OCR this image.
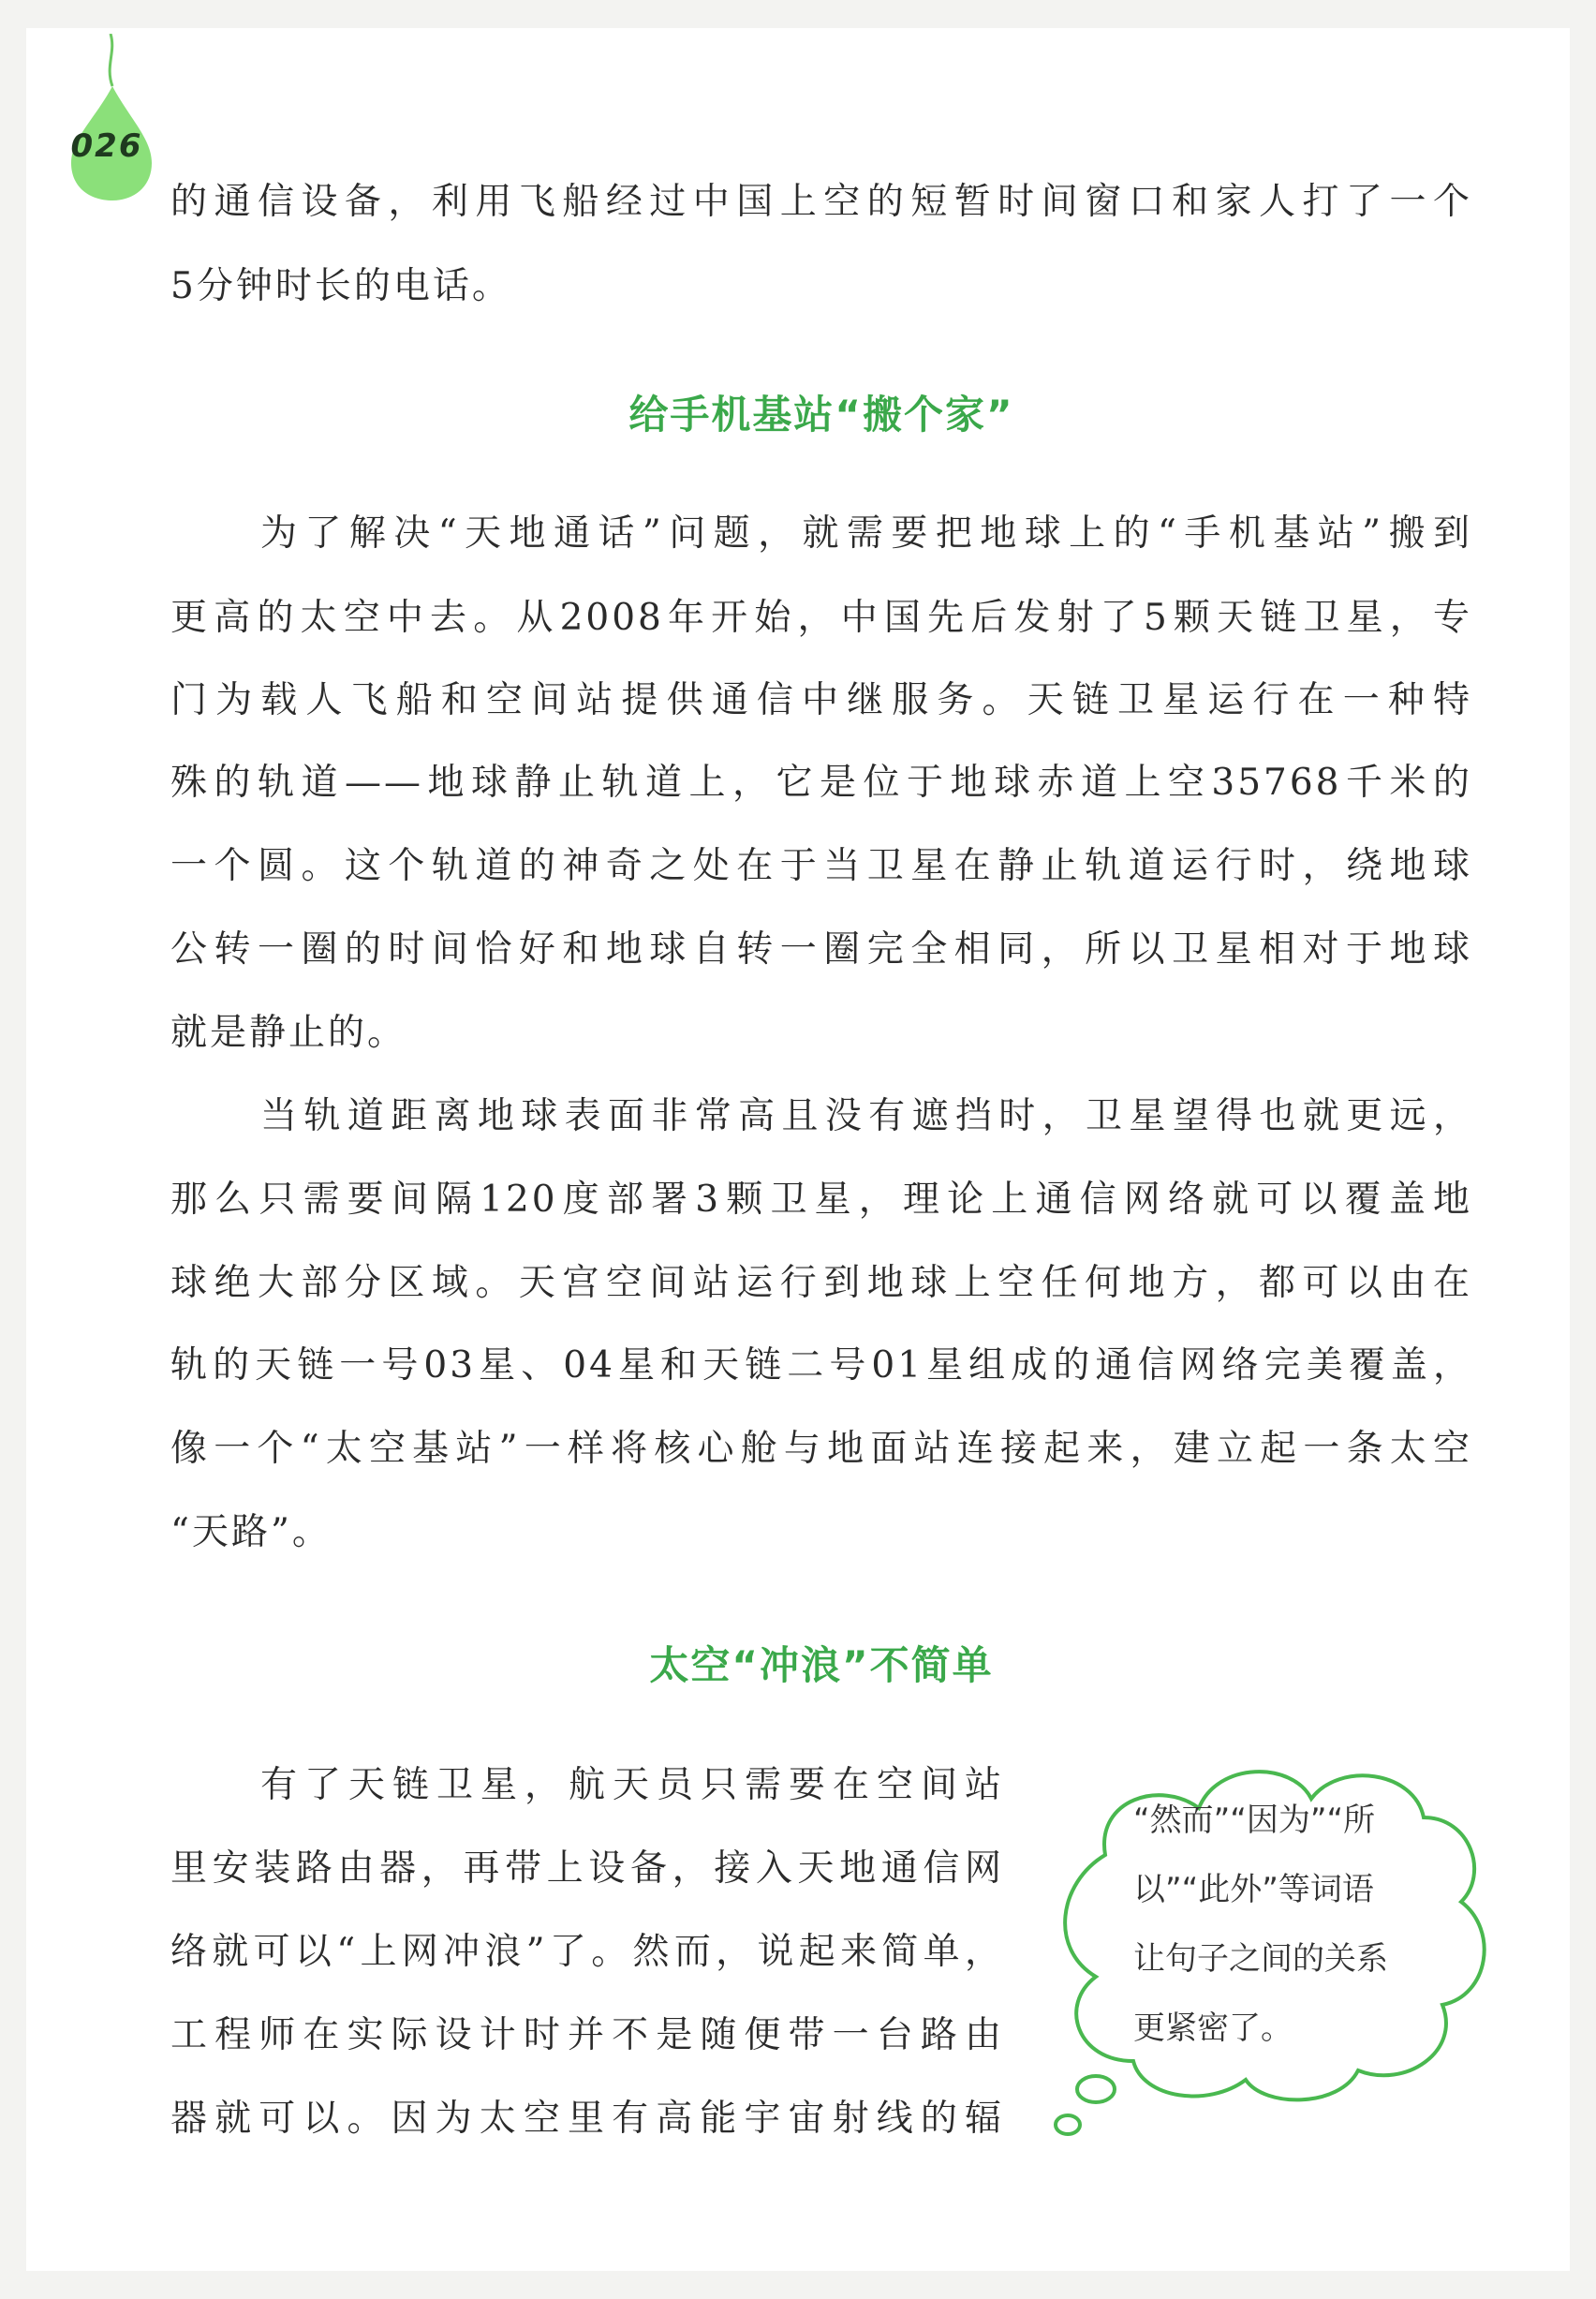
026
的通信设备，利用飞船经过中国上空的短暂时间窗口和家人打了一个
5分钟时长的电话。
给手机基站“搬个家”
为了解决“天地通话”问题，就需要把地球上的“手机基站”搬到
更高的太空中去。从2008年开始，中国先后发射了5颗天链卫星，专
门为载人飞船和空间站提供通信中继服务。天链卫星运行在一种特
殊的轨道——地球静止轨道上，它是位于地球赤道上空35768千米的
一个圆。这个轨道的神奇之处在于当卫星在静止轨道运行时，绕地球
公转一圈的时间恰好和地球自转一圈完全相同，所以卫星相对于地球
就是静止的。
当轨道距离地球表面非常高且没有遮挡时，卫星望得也就更远，
那么只需要间隔120度部署3颗卫星，理论上通信网络就可以覆盖地
球绝大部分区域。天宫空间站运行到地球上空任何地方，都可以由在
轨的天链一号03星、04星和天链二号01星组成的通信网络完美覆盖，
像一个“太空基站”一样将核心舱与地面站连接起来，建立起一条太空
“天路”。
太空“冲浪”不简单
有了天链卫星，航天员只需要在空间站
里安装路由器，再带上设备，接入天地通信网
络就可以“上网冲浪”了。然而，说起来简单，
工程师在实际设计时并不是随便带一台路由
器就可以。因为太空里有高能宇宙射线的辐
“然而”“因为”“所
以”“此外”等词语
让句子之间的关系
更紧密了。
